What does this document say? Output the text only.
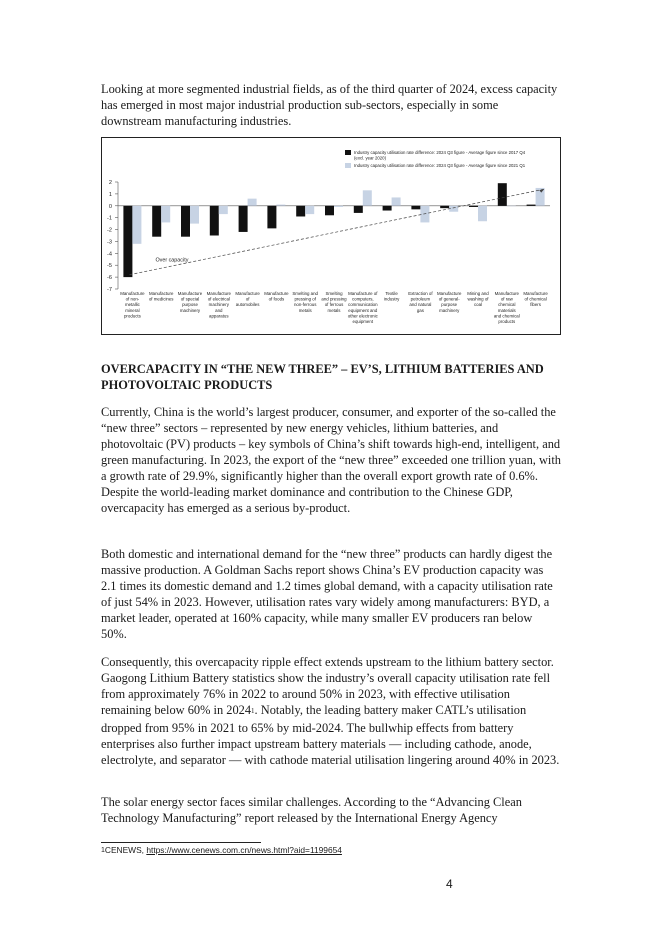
Looking at more segmented industrial fields, as of the third quarter of 2024, excess capacity has emerged in most major industrial production sub-sectors, especially in some downstream manufacturing industries.

2
1
0
-1
-2
-3
-4
-5
-6
-7
Manufacture
of non-
metallic
mineral
products
Manufacture
of medicines
Manufacture
of special
purpose
machinery
Manufacture
of electrical
machinery
and
apparatus
Manufacture
of
automobiles
Manufacture
of foods
Smelting and
pressing of
non-ferrous
metals
Smelting
and pressing
of ferrous
metals
Manufacture of
computers,
communication
equipment and
other electronic
equipment
Textile
industry
Extraction of
petroleum
and natural
gas
Manufacture
of general-
purpose
machinery
Mining and
washing of
coal
Manufacture
of raw
chemical
materials
and chemical
products
Manufacture
of chemical
fibers
Over capacity
Industry capacity utilisation rate difference: 2024 Q3 figure - Average figure since 2017 Q4
(excl. year 2020)
Industry capacity utilisation rate difference: 2024 Q3 figure - Average figure since 2021 Q1
OVERCAPACITY IN “THE NEW THREE” – EV’S, LITHIUM BATTERIES AND PHOTOVOLTAIC PRODUCTS

Currently, China is the world’s largest producer, consumer, and exporter of the so-called the “new three” sectors – represented by new energy vehicles, lithium batteries, and photovoltaic (PV) products – key symbols of China’s shift towards high-end, intelligent, and green manufacturing. In 2023, the export of the “new three” exceeded one trillion yuan, with a growth rate of 29.9%, significantly higher than the overall export growth rate of 0.6%. Despite the world-leading market dominance and contribution to the Chinese GDP, overcapacity has emerged as a serious by-product.

Both domestic and international demand for the “new three” products can hardly digest the massive production. A Goldman Sachs report shows China’s EV production capacity was 2.1 times its domestic demand and 1.2 times global demand, with a capacity utilisation rate of just 54% in 2023. However, utilisation rates vary widely among manufacturers: BYD, a market leader, operated at 160% capacity, while many smaller EV producers ran below 50%.

Consequently, this overcapacity ripple effect extends upstream to the lithium battery sector. Gaogong Lithium Battery statistics show the industry’s overall capacity utilisation rate fell from approximately 76% in 2022 to around 50% in 2023, with effective utilisation remaining below 60% in 2024$^1$. Notably, the leading battery maker CATL’s utilisation dropped from 95% in 2021 to 65% by mid-2024. The bullwhip effects from battery enterprises also further impact upstream battery materials — including cathode, anode, electrolyte, and separator — with cathode material utilisation lingering around 40% in 2023.

The solar energy sector faces similar challenges. According to the “Advancing Clean Technology Manufacturing” report released by the International Energy Agency

$^1$CENEWS, https://www.cenews.com.cn/news.html?aid=1199654
4
